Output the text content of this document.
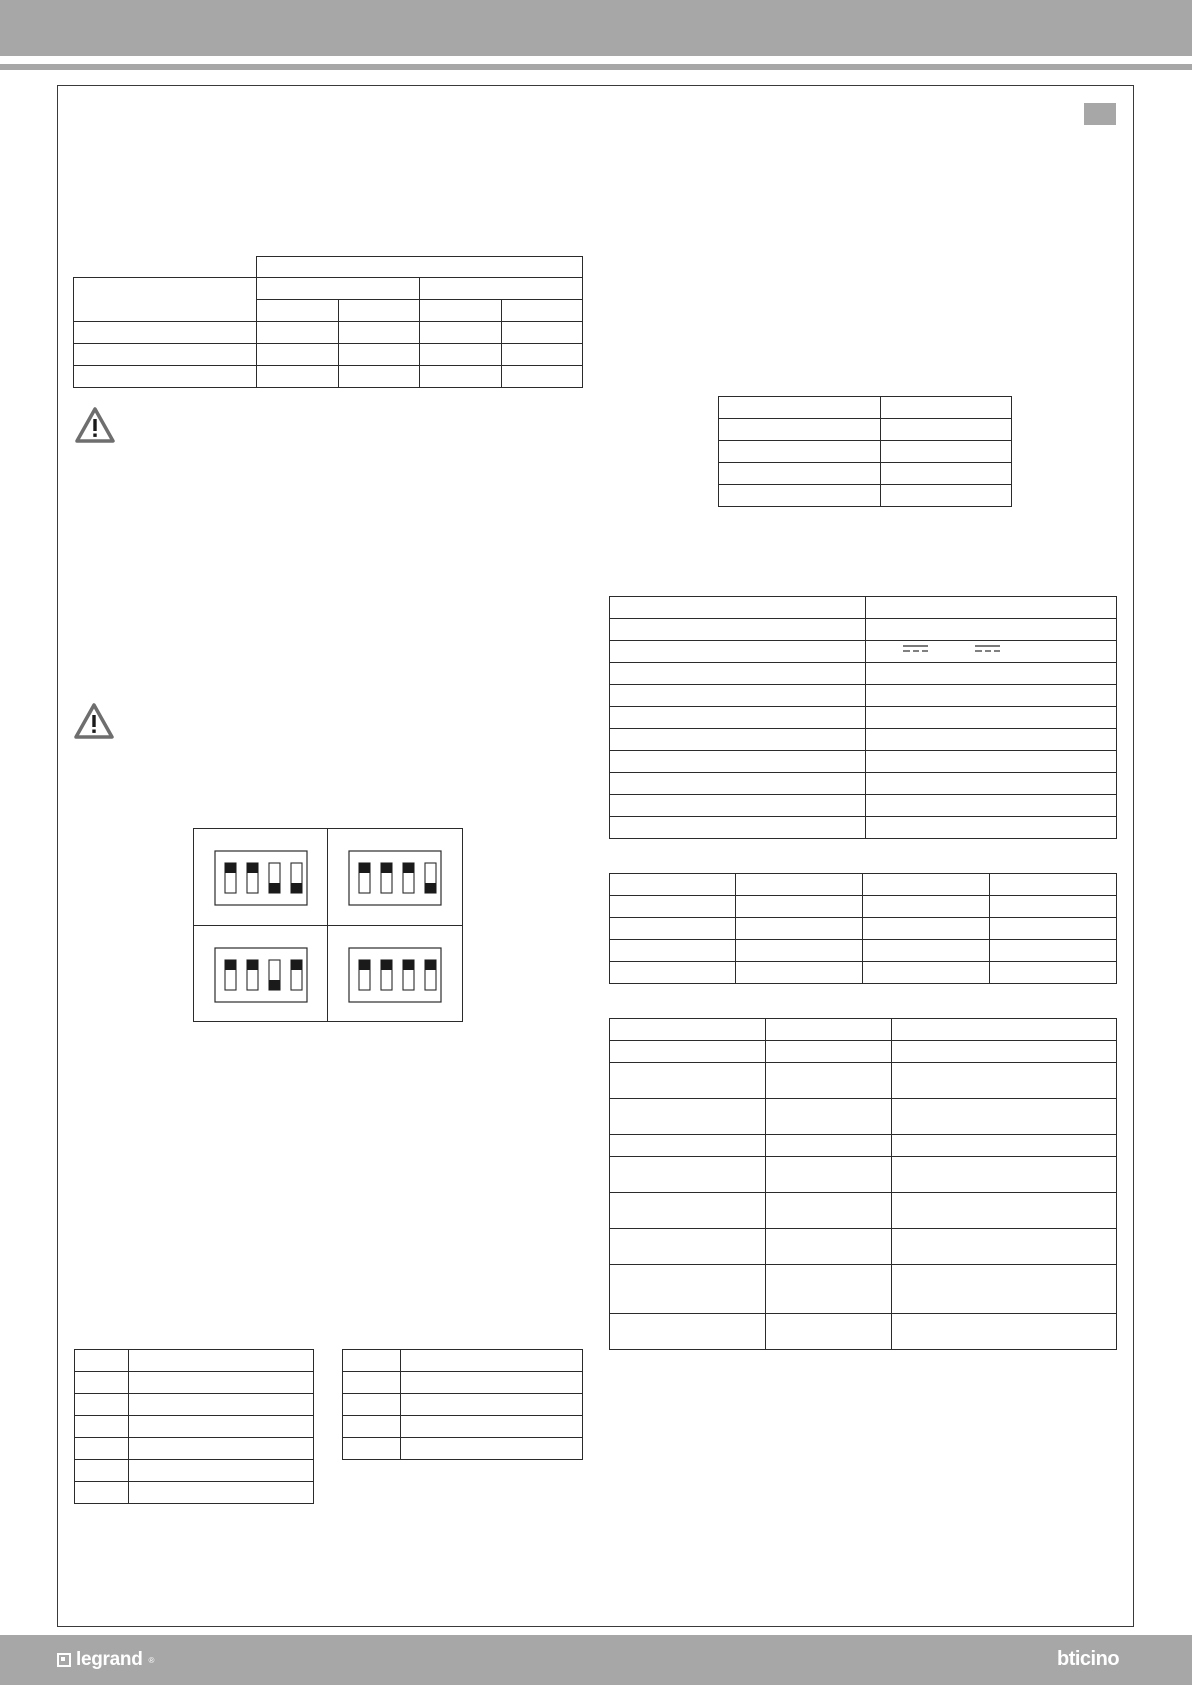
legrand ®	bticino
